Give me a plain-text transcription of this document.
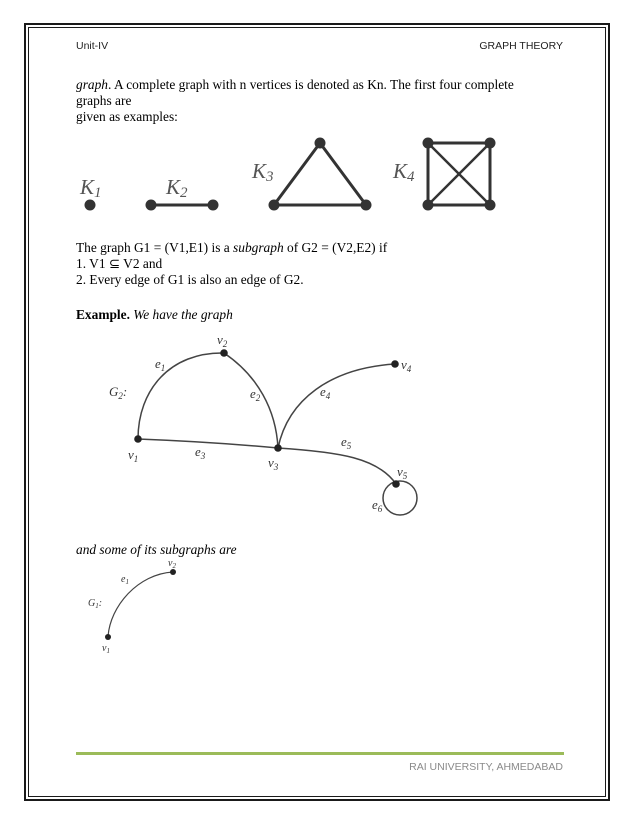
Unit-IV	GRAPH THEORY
graph. A complete graph with n vertices is denoted as Kn. The first four complete
graphs are
given as examples:
K1	K2
K3	K4
$G_2$:
$v_1$
$v_2$
$v_3$
$v_4$
$v_5$
$e_1$
$e_2$
$e_3$
$e_4$
$e_5$
$e_6$
$G_1$:
$v_1$
$v_2$
$e_1$
The graph G1 = (V1,E1) is a subgraph of G2 = (V2,E2) if
1. V1 ⊆ V2 and
2. Every edge of G1 is also an edge of G2.
Example. We have the graph
and some of its subgraphs are
RAI UNIVERSITY, AHMEDABAD
